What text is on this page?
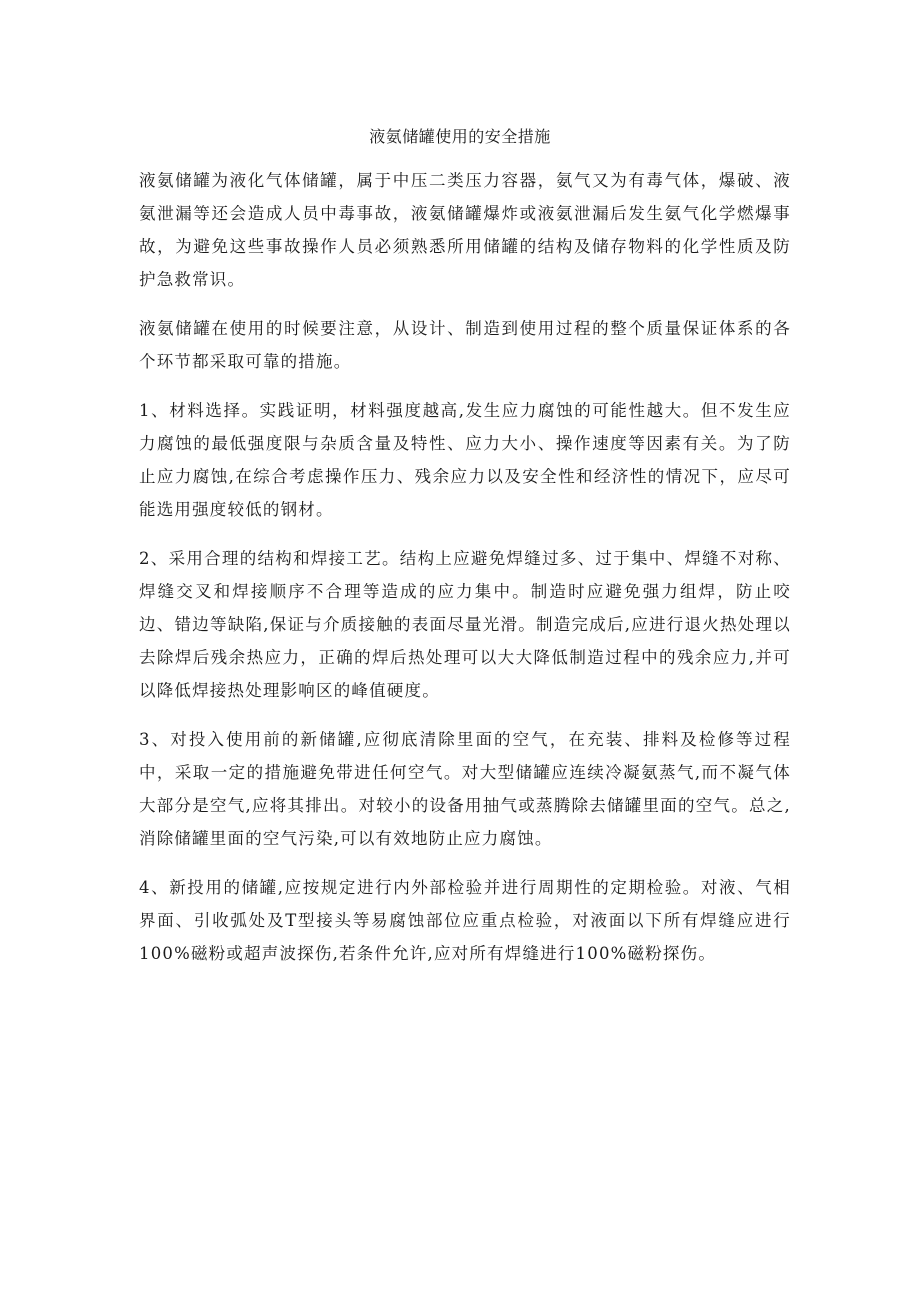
液氨储罐使用的安全措施

液氨储罐为液化气体储罐，属于中压二类压力容器，氨气又为有毒气体，爆破、液氨泄漏等还会造成人员中毒事故，液氨储罐爆炸或液氨泄漏后发生氨气化学燃爆事故，为避免这些事故操作人员必须熟悉所用储罐的结构及储存物料的化学性质及防护急救常识。

液氨储罐在使用的时候要注意，从设计、制造到使用过程的整个质量保证体系的各个环节都采取可靠的措施。

1、材料选择。实践证明，材料强度越高,发生应力腐蚀的可能性越大。但不发生应力腐蚀的最低强度限与杂质含量及特性、应力大小、操作速度等因素有关。为了防止应力腐蚀,在综合考虑操作压力、残余应力以及安全性和经济性的情况下，应尽可能选用强度较低的钢材。

2、采用合理的结构和焊接工艺。结构上应避免焊缝过多、过于集中、焊缝不对称、焊缝交叉和焊接顺序不合理等造成的应力集中。制造时应避免强力组焊，防止咬边、错边等缺陷,保证与介质接触的表面尽量光滑。制造完成后,应进行退火热处理以去除焊后残余热应力，正确的焊后热处理可以大大降低制造过程中的残余应力,并可以降低焊接热处理影响区的峰值硬度。

3、对投入使用前的新储罐,应彻底清除里面的空气，在充装、排料及检修等过程中，采取一定的措施避免带进任何空气。对大型储罐应连续冷凝氨蒸气,而不凝气体大部分是空气,应将其排出。对较小的设备用抽气或蒸腾除去储罐里面的空气。总之,消除储罐里面的空气污染,可以有效地防止应力腐蚀。

4、新投用的储罐,应按规定进行内外部检验并进行周期性的定期检验。对液、气相界面、引收弧处及T型接头等易腐蚀部位应重点检验，对液面以下所有焊缝应进行100%磁粉或超声波探伤,若条件允许,应对所有焊缝进行100%磁粉探伤。
